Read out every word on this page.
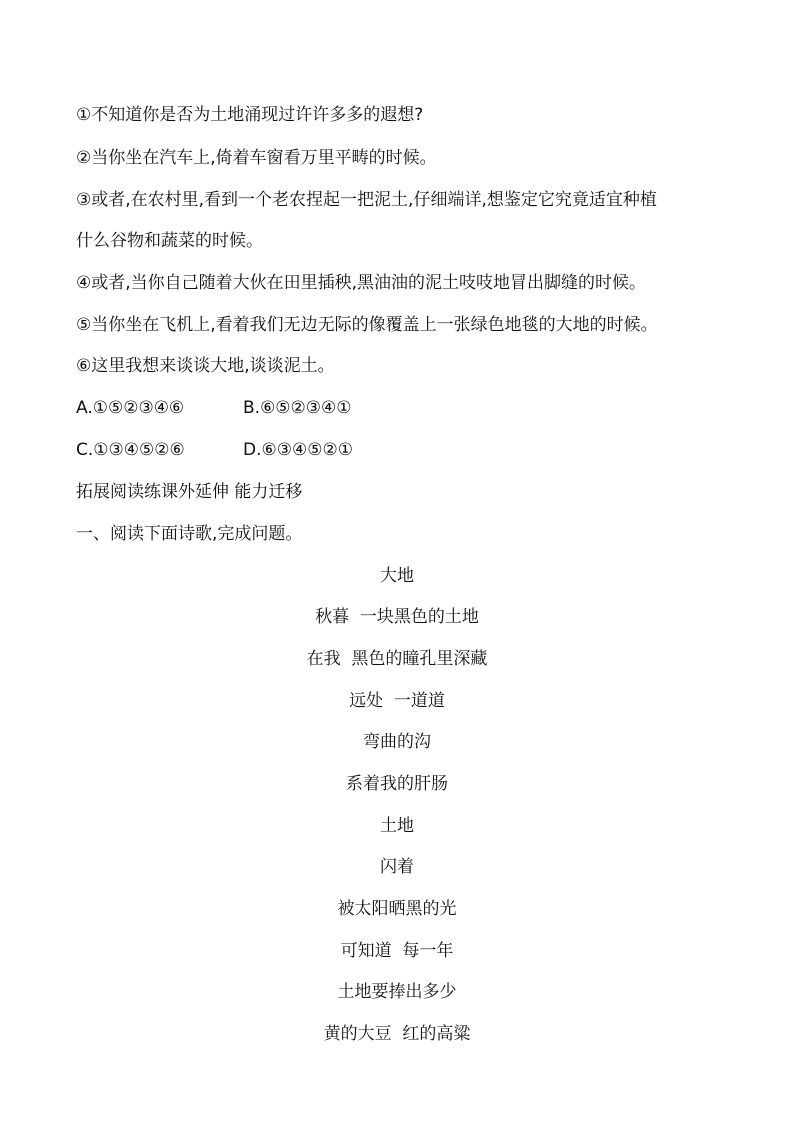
①不知道你是否为土地涌现过许许多多的遐想?
②当你坐在汽车上,倚着车窗看万里平畴的时候。
③或者,在农村里,看到一个老农捏起一把泥土,仔细端详,想鉴定它究竟适宜种植
什么谷物和蔬菜的时候。
④或者,当你自己随着大伙在田里插秧,黑油油的泥土吱吱地冒出脚缝的时候。
⑤当你坐在飞机上,看着我们无边无际的像覆盖上一张绿色地毯的大地的时候。
⑥这里我想来谈谈大地,谈谈泥土。
A.①⑤②③④⑥	B.⑥⑤②③④①
C.①③④⑤②⑥	D.⑥③④⑤②①
拓展阅读练课外延伸 能力迁移
一、阅读下面诗歌,完成问题。
大地
秋暮  一块黑色的土地
在我  黑色的瞳孔里深藏
远处  一道道
弯曲的沟
系着我的肝肠
土地
闪着
被太阳晒黑的光
可知道  每一年
土地要捧出多少
黄的大豆  红的高粱
